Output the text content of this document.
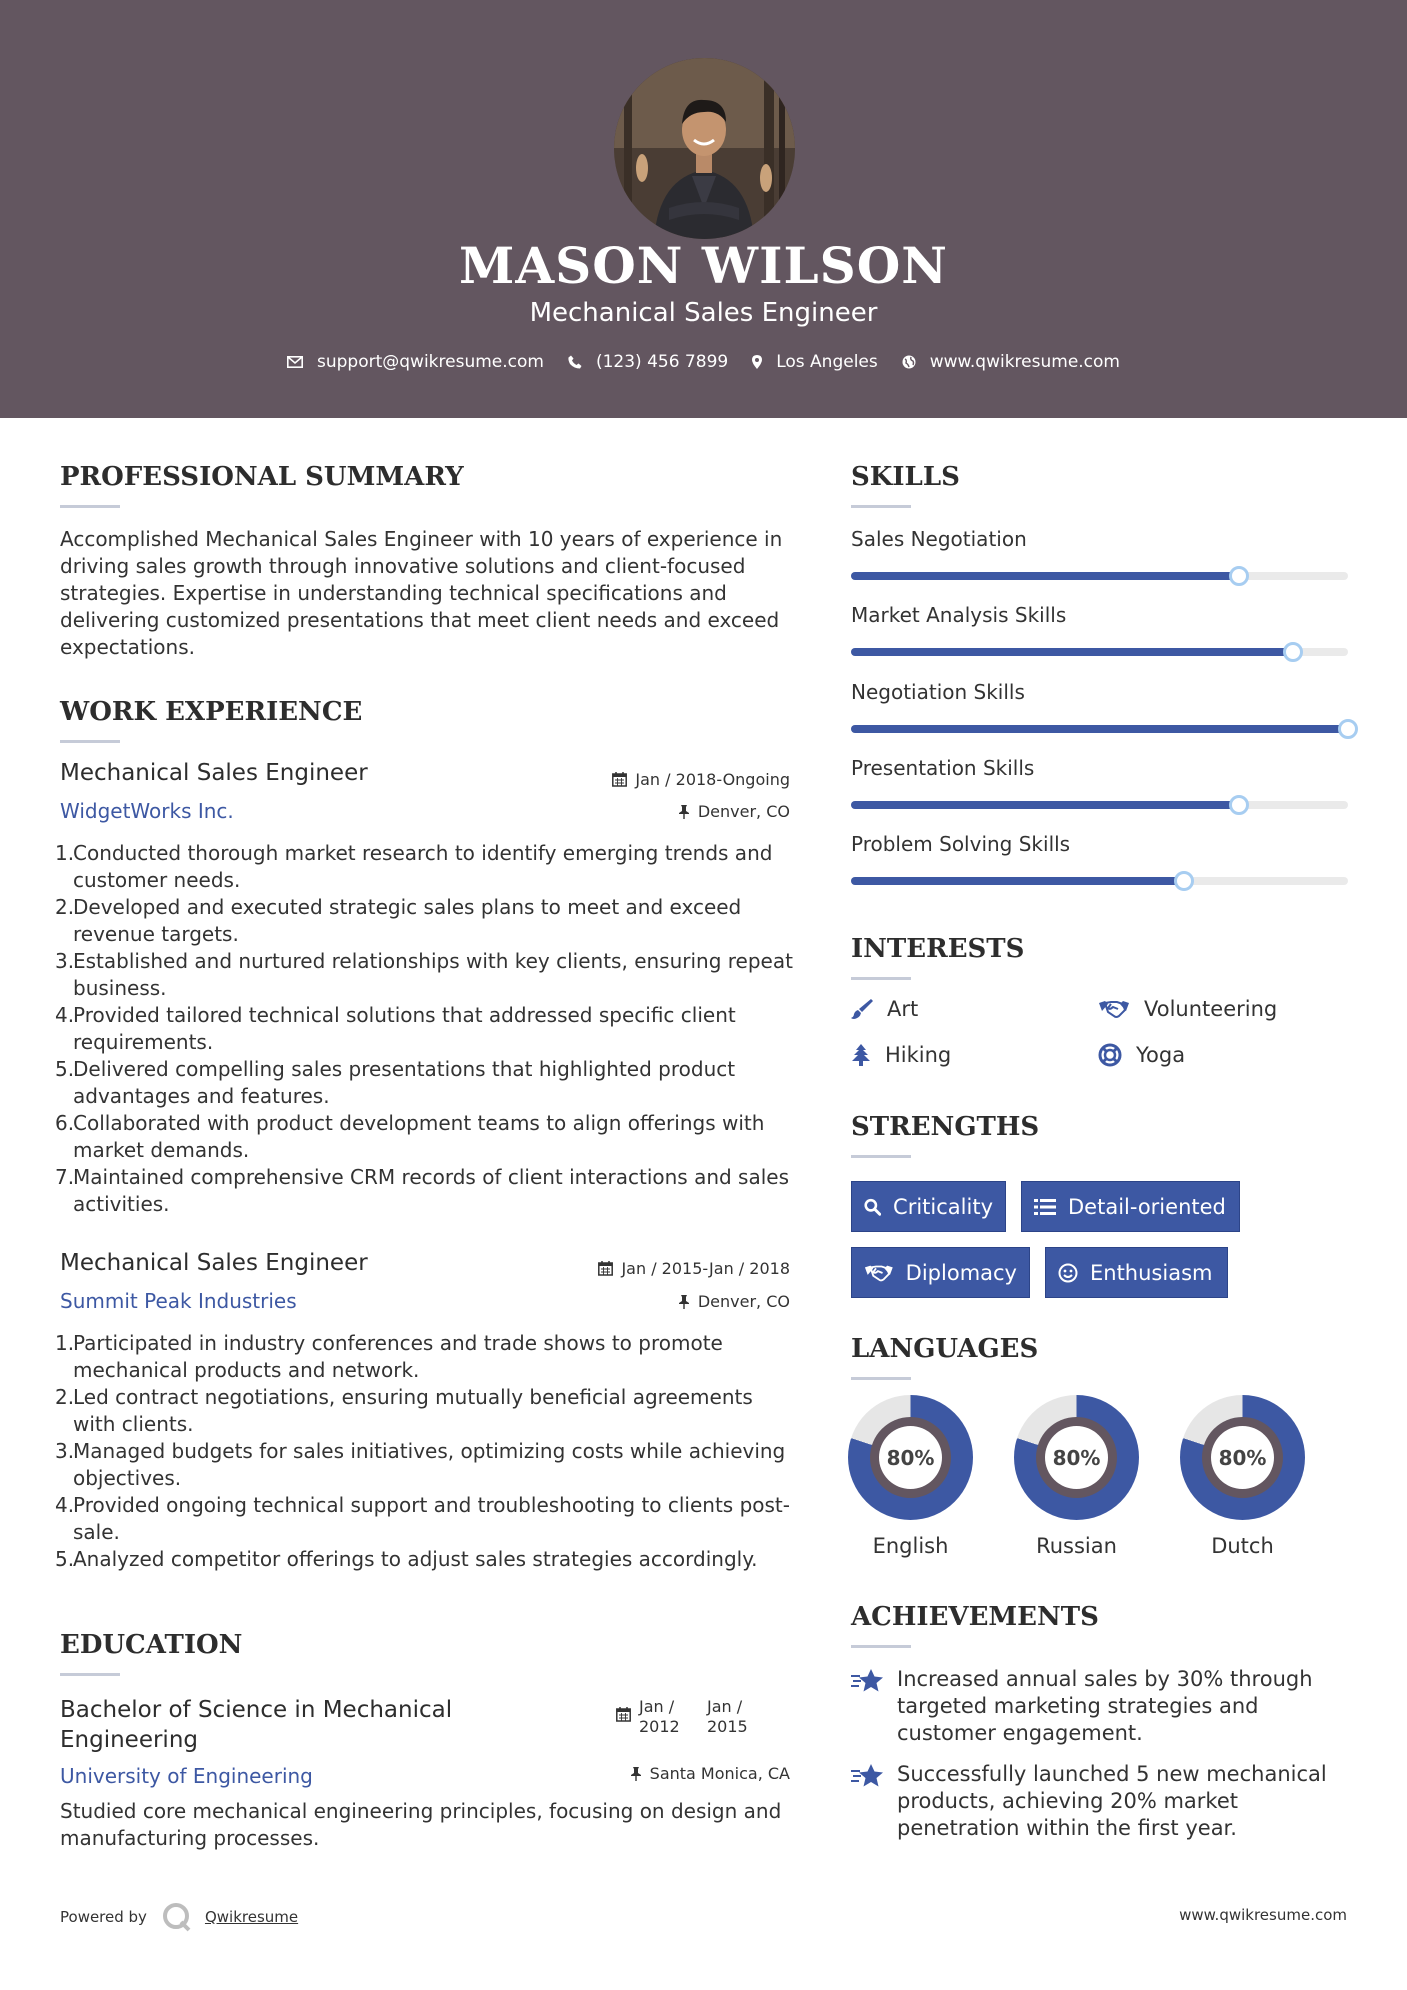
MASON WILSON
Mechanical Sales Engineer
support@qwikresume.com	(123) 456 7899	Los Angeles	www.qwikresume.com
PROFESSIONAL SUMMARY
Accomplished Mechanical Sales Engineer with 10 years of experience in driving sales growth through innovative solutions and client-focused strategies. Expertise in understanding technical specifications and delivering customized presentations that meet client needs and exceed expectations.
WORK EXPERIENCE
Mechanical Sales Engineer	Jan / 2018-Ongoing
WidgetWorks Inc.	Denver, CO
1.
Conducted thorough market research to identify emerging trends and customer needs.
2.
Developed and executed strategic sales plans to meet and exceed revenue targets.
3.
Established and nurtured relationships with key clients, ensuring repeat business.
4.
Provided tailored technical solutions that addressed specific client requirements.
5.
Delivered compelling sales presentations that highlighted product advantages and features.
6.
Collaborated with product development teams to align offerings with market demands.
7.
Maintained comprehensive CRM records of client interactions and sales activities.
Mechanical Sales Engineer	Jan / 2015-Jan / 2018
Summit Peak Industries	Denver, CO
1.
Participated in industry conferences and trade shows to promote mechanical products and network.
2.
Led contract negotiations, ensuring mutually beneficial agreements with clients.
3.
Managed budgets for sales initiatives, optimizing costs while achieving objectives.
4.
Provided ongoing technical support and troubleshooting to clients post-sale.
5.
Analyzed competitor offerings to adjust sales strategies accordingly.
EDUCATION
Bachelor of Science in Mechanical
Engineering
Jan / 2012
Jan / 2015
University of Engineering	Santa Monica, CA
Studied core mechanical engineering principles, focusing on design and manufacturing processes.
SKILLS
Sales Negotiation
Market Analysis Skills
Negotiation Skills
Presentation Skills
Problem Solving Skills
INTERESTS
Art	Volunteering
Hiking	Yoga
STRENGTHS
Criticality	Detail-oriented
Diplomacy	Enthusiasm
LANGUAGES
80%
English
80%
Russian
80%
Dutch
ACHIEVEMENTS
Increased annual sales by 30% through targeted marketing strategies and customer engagement.
Successfully launched 5 new mechanical products, achieving 20% market penetration within the first year.
Powered by	Qwikresume	www.qwikresume.com
